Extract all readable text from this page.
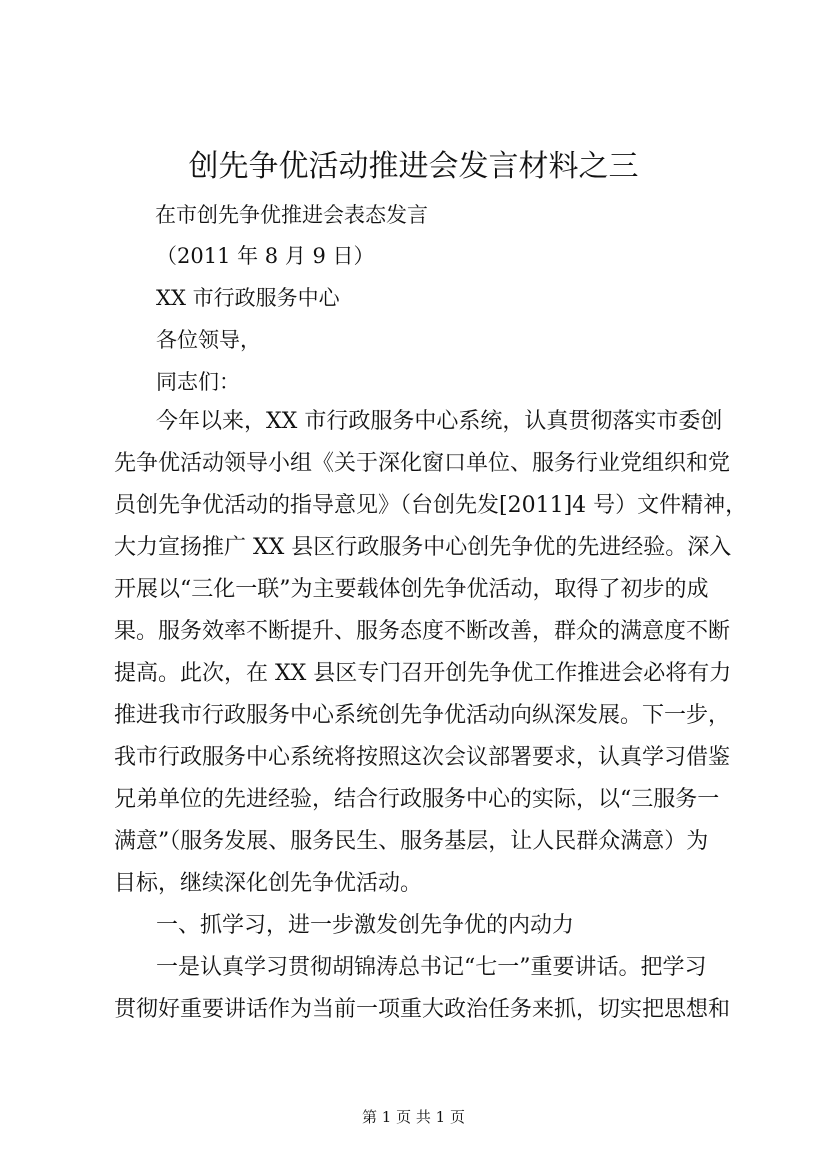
创先争优活动推进会发言材料之三
在市创先争优推进会表态发言
（2011 年 8 月 9 日）
XX 市行政服务中心
各位领导，
同志们：
今年以来，XX 市行政服务中心系统，认真贯彻落实市委创
先争优活动领导小组《关于深化窗口单位、服务行业党组织和党
员创先争优活动的指导意见》（台创先发[2011]4 号）文件精神，
大力宣扬推广 XX 县区行政服务中心创先争优的先进经验。深入
开展以“三化一联”为主要载体创先争优活动，取得了初步的成
果。服务效率不断提升、服务态度不断改善，群众的满意度不断
提高。此次，在 XX 县区专门召开创先争优工作推进会必将有力
推进我市行政服务中心系统创先争优活动向纵深发展。下一步，
我市行政服务中心系统将按照这次会议部署要求，认真学习借鉴
兄弟单位的先进经验，结合行政服务中心的实际，以“三服务一
满意”（服务发展、服务民生、服务基层，让人民群众满意）为
目标，继续深化创先争优活动。
一、抓学习，进一步激发创先争优的内动力
一是认真学习贯彻胡锦涛总书记“七一”重要讲话。把学习
贯彻好重要讲话作为当前一项重大政治任务来抓，切实把思想和
第 1 页 共 1 页
